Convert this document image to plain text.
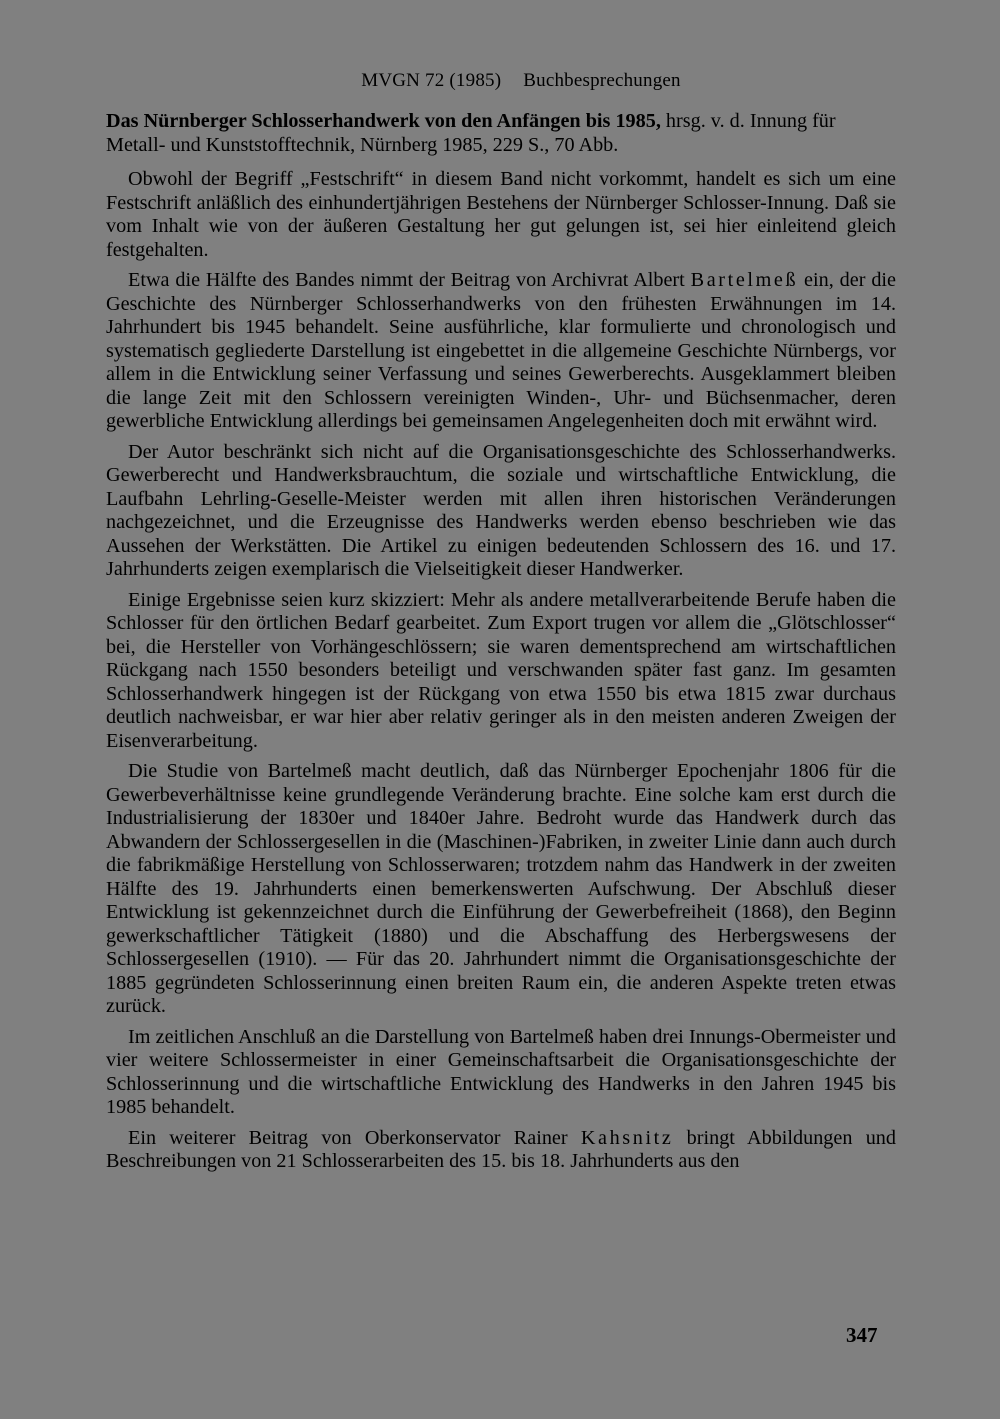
MVGN 72 (1985) Buchbesprechungen
Das Nürnberger Schlosserhandwerk von den Anfängen bis 1985, hrsg. v. d. Innung für Metall- und Kunststofftechnik, Nürnberg 1985, 229 S., 70 Abb.

Obwohl der Begriff „Festschrift“ in diesem Band nicht vorkommt, handelt es sich um eine Festschrift anläßlich des einhundertjährigen Bestehens der Nürnberger Schlosser-Innung. Daß sie vom Inhalt wie von der äußeren Gestaltung her gut gelungen ist, sei hier einleitend gleich festgehalten.

Etwa die Hälfte des Bandes nimmt der Beitrag von Archivrat Albert Bartelmeß ein, der die Geschichte des Nürnberger Schlosserhandwerks von den frühesten Erwähnungen im 14. Jahrhundert bis 1945 behandelt. Seine ausführliche, klar formulierte und chronologisch und systematisch gegliederte Darstellung ist eingebettet in die allgemeine Geschichte Nürnbergs, vor allem in die Entwicklung seiner Verfassung und seines Gewerberechts. Ausgeklammert bleiben die lange Zeit mit den Schlossern vereinigten Winden-, Uhr- und Büchsenmacher, deren gewerbliche Entwicklung allerdings bei gemeinsamen Angelegenheiten doch mit erwähnt wird.

Der Autor beschränkt sich nicht auf die Organisationsgeschichte des Schlosserhandwerks. Gewerberecht und Handwerksbrauchtum, die soziale und wirtschaftliche Entwicklung, die Laufbahn Lehrling-Geselle-Meister werden mit allen ihren historischen Veränderungen nachgezeichnet, und die Erzeugnisse des Handwerks werden ebenso beschrieben wie das Aussehen der Werkstätten. Die Artikel zu einigen bedeutenden Schlossern des 16. und 17. Jahrhunderts zeigen exemplarisch die Vielseitigkeit dieser Handwerker.

Einige Ergebnisse seien kurz skizziert: Mehr als andere metallverarbeitende Berufe haben die Schlosser für den örtlichen Bedarf gearbeitet. Zum Export trugen vor allem die „Glötschlosser“ bei, die Hersteller von Vorhängeschlössern; sie waren dementsprechend am wirtschaftlichen Rückgang nach 1550 besonders beteiligt und verschwanden später fast ganz. Im gesamten Schlosserhandwerk hingegen ist der Rückgang von etwa 1550 bis etwa 1815 zwar durchaus deutlich nachweisbar, er war hier aber relativ geringer als in den meisten anderen Zweigen der Eisenverarbeitung.

Die Studie von Bartelmeß macht deutlich, daß das Nürnberger Epochenjahr 1806 für die Gewerbeverhältnisse keine grundlegende Veränderung brachte. Eine solche kam erst durch die Industrialisierung der 1830er und 1840er Jahre. Bedroht wurde das Handwerk durch das Abwandern der Schlossergesellen in die (Maschinen-)Fabriken, in zweiter Linie dann auch durch die fabrikmäßige Herstellung von Schlosserwaren; trotzdem nahm das Handwerk in der zweiten Hälfte des 19. Jahrhunderts einen bemerkenswerten Aufschwung. Der Abschluß dieser Entwicklung ist gekennzeichnet durch die Einführung der Gewerbefreiheit (1868), den Beginn gewerkschaftlicher Tätigkeit (1880) und die Abschaffung des Herbergswesens der Schlossergesellen (1910). — Für das 20. Jahrhundert nimmt die Organisationsgeschichte der 1885 gegründeten Schlosserinnung einen breiten Raum ein, die anderen Aspekte treten etwas zurück.

Im zeitlichen Anschluß an die Darstellung von Bartelmeß haben drei Innungs-Obermeister und vier weitere Schlossermeister in einer Gemeinschaftsarbeit die Organisationsgeschichte der Schlosserinnung und die wirtschaftliche Entwicklung des Handwerks in den Jahren 1945 bis 1985 behandelt.

Ein weiterer Beitrag von Oberkonservator Rainer Kahsnitz bringt Abbildungen und Beschreibungen von 21 Schlosserarbeiten des 15. bis 18. Jahrhunderts aus den

347
